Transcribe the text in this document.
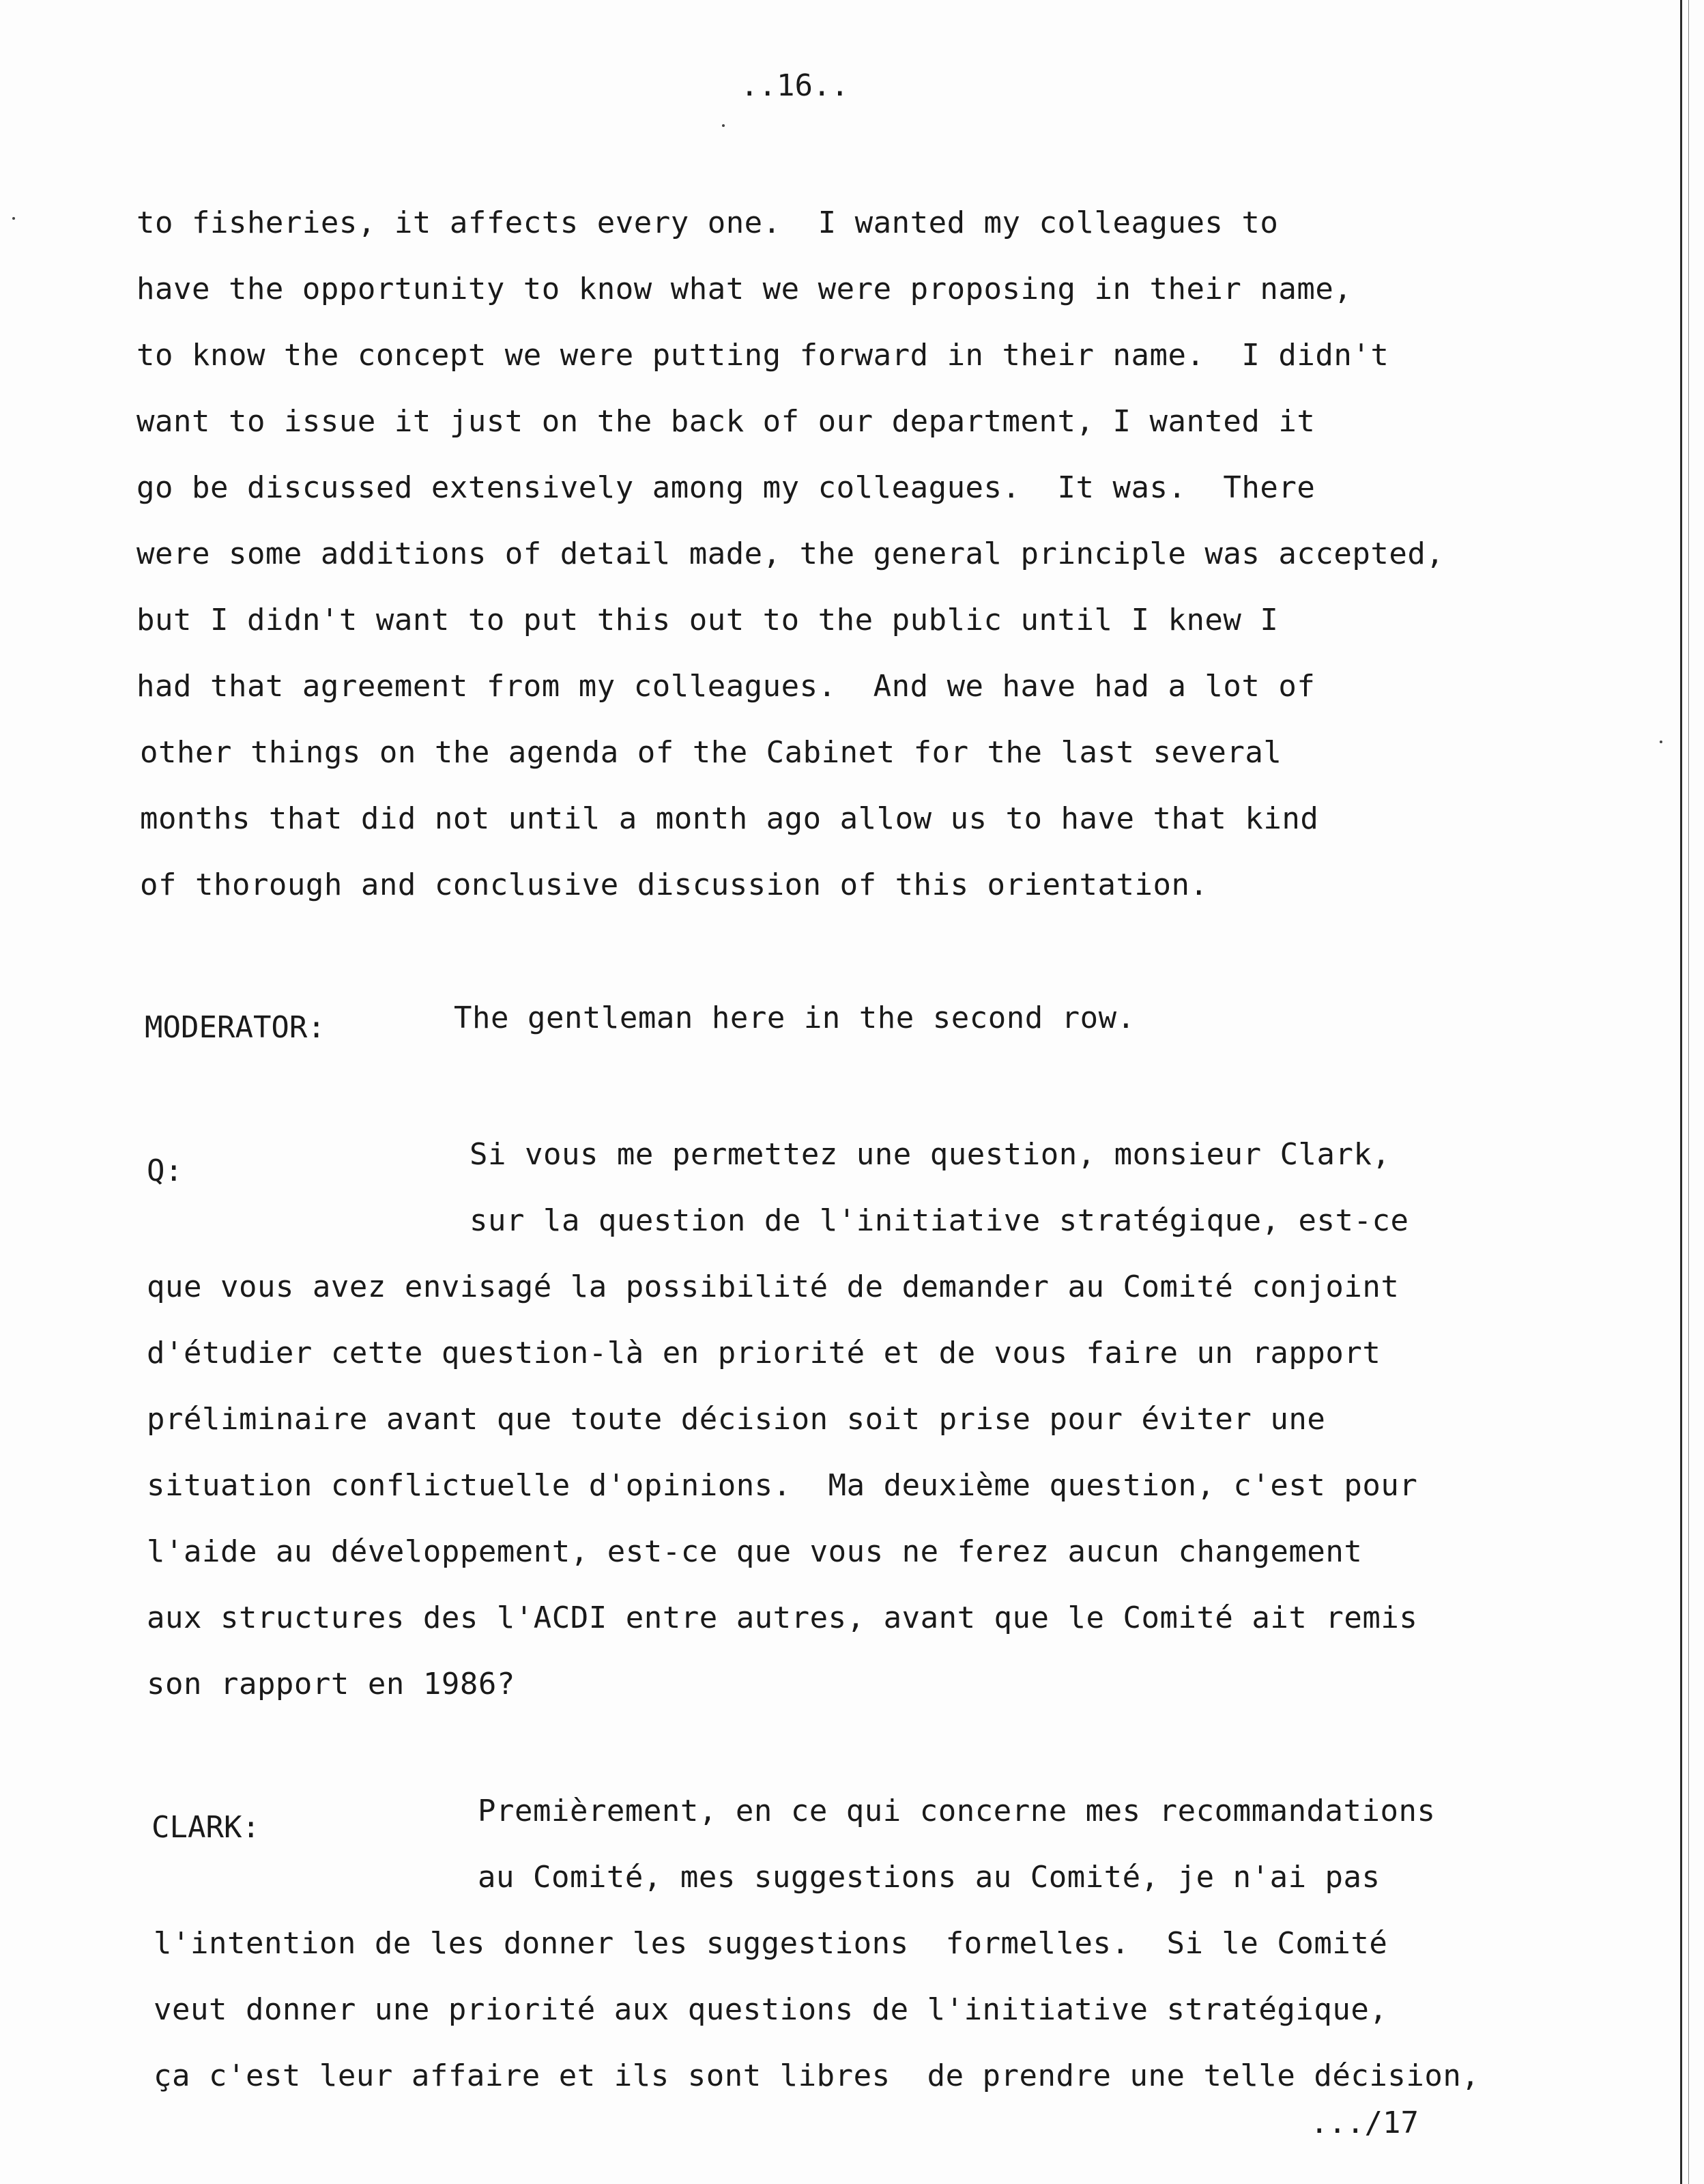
..16..
to fisheries, it affects every one.  I wanted my colleagues to
have the opportunity to know what we were proposing in their name,
to know the concept we were putting forward in their name.  I didn't
want to issue it just on the back of our department, I wanted it
go be discussed extensively among my colleagues.  It was.  There
were some additions of detail made, the general principle was accepted,
but I didn't want to put this out to the public until I knew I
had that agreement from my colleagues.  And we have had a lot of
other things on the agenda of the Cabinet for the last several
months that did not until a month ago allow us to have that kind
of thorough and conclusive discussion of this orientation.
MODERATOR:	The gentleman here in the second row.
Q:	Si vous me permettez une question, monsieur Clark,
sur la question de l'initiative stratégique, est-ce
que vous avez envisagé la possibilité de demander au Comité conjoint
d'étudier cette question-là en priorité et de vous faire un rapport
préliminaire avant que toute décision soit prise pour éviter une
situation conflictuelle d'opinions.  Ma deuxième question, c'est pour
l'aide au développement, est-ce que vous ne ferez aucun changement
aux structures des l'ACDI entre autres, avant que le Comité ait remis
son rapport en 1986?
CLARK:	Premièrement, en ce qui concerne mes recommandations
au Comité, mes suggestions au Comité, je n'ai pas
l'intention de les donner les suggestions  formelles.  Si le Comité
veut donner une priorité aux questions de l'initiative stratégique,
ça c'est leur affaire et ils sont libres  de prendre une telle décision,
.../17
